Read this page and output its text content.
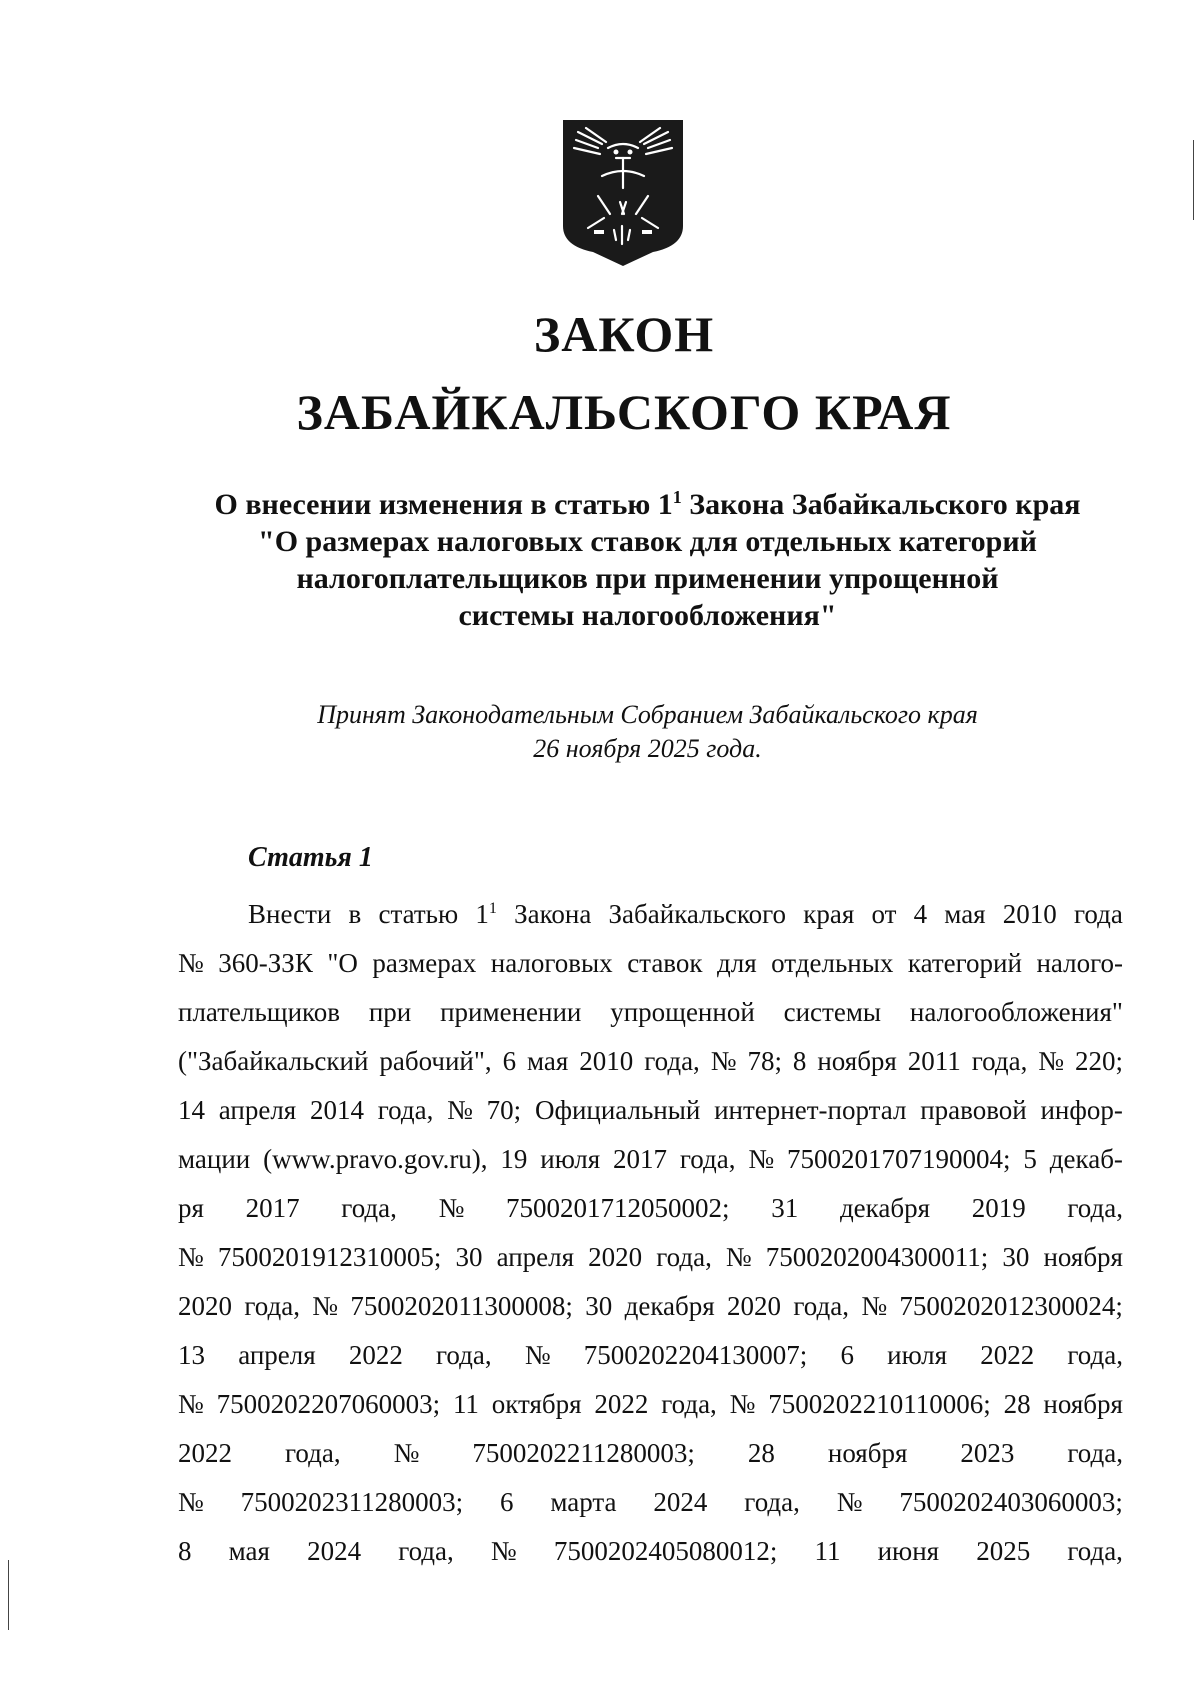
ЗАКОН
ЗАБАЙКАЛЬСКОГО КРАЯ
О внесении изменения в статью $1^1$ Закона Забайкальского края
"О размерах налоговых ставок для отдельных категорий
налогоплательщиков при применении упрощенной
системы налогообложения"
Принят Законодательным Собранием Забайкальского края
26 ноября 2025 года.
Статья 1
Внести в статью $1^1$ Закона Забайкальского края от 4 мая 2010 года
№ 360-ЗЗК "О размерах налоговых ставок для отдельных категорий налого-
плательщиков при применении упрощенной системы налогообложения"
("Забайкальский рабочий", 6 мая 2010 года, № 78; 8 ноября 2011 года, № 220;
14 апреля 2014 года, № 70; Официальный интернет-портал правовой инфор-
мации (www.pravo.gov.ru), 19 июля 2017 года, № 7500201707190004; 5 декаб-
ря 2017 года, № 7500201712050002; 31 декабря 2019 года,
№ 7500201912310005; 30 апреля 2020 года, № 7500202004300011; 30 ноября
2020 года, № 7500202011300008; 30 декабря 2020 года, № 7500202012300024;
13 апреля 2022 года, № 7500202204130007; 6 июля 2022 года,
№ 7500202207060003; 11 октября 2022 года, № 7500202210110006; 28 ноября
2022 года, № 7500202211280003; 28 ноября 2023 года,
№ 7500202311280003; 6 марта 2024 года, № 7500202403060003;
8 мая 2024 года, № 7500202405080012; 11 июня 2025 года,
